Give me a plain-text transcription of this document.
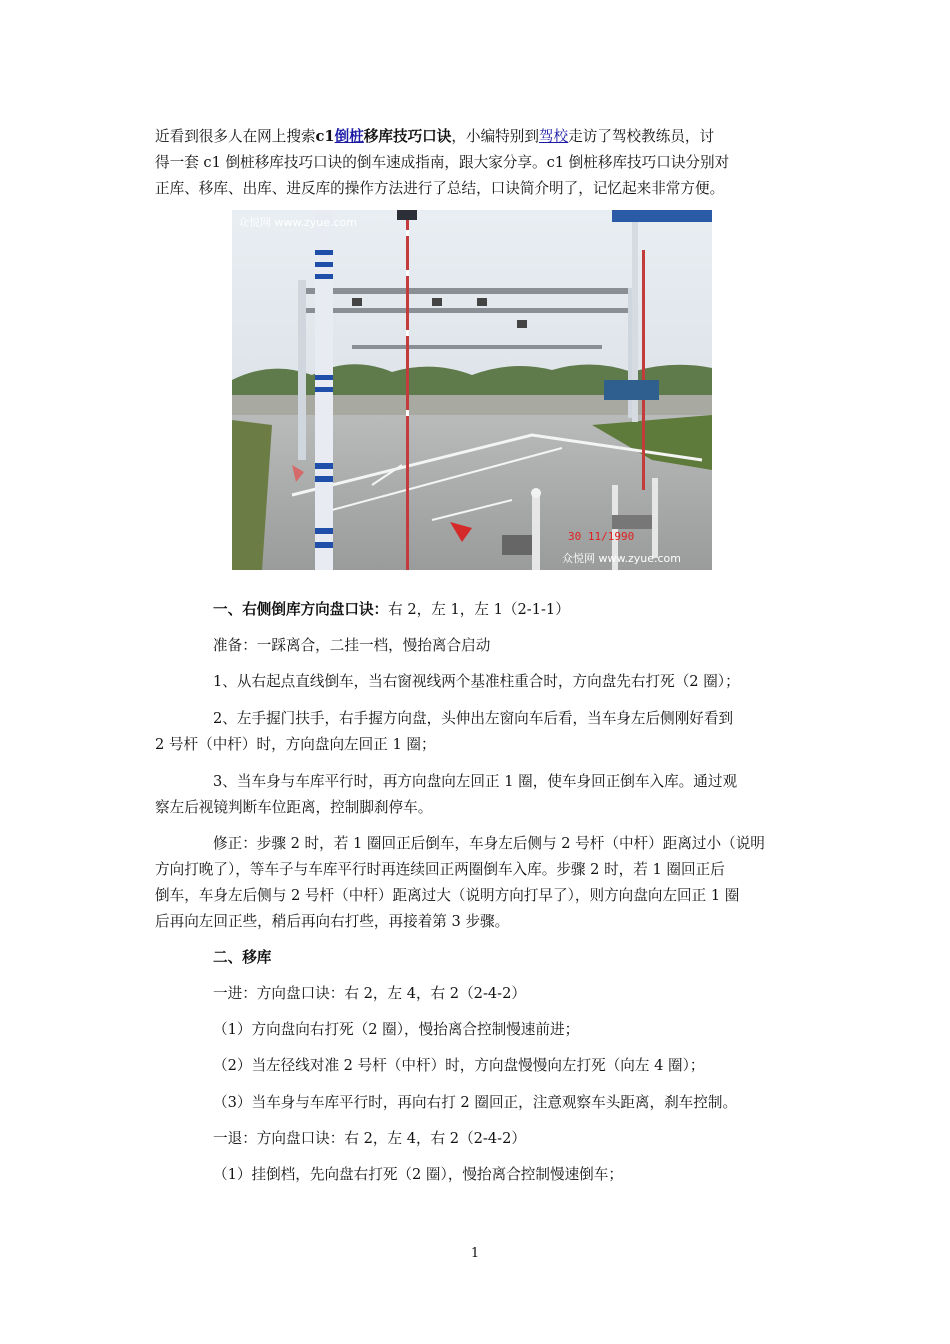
近看到很多人在网上搜索c1倒桩移库技巧口诀，小编特别到驾校走访了驾校教练员，讨
得一套 c1 倒桩移库技巧口诀的倒车速成指南，跟大家分享。c1 倒桩移库技巧口诀分别对
正库、移库、出库、进反库的操作方法进行了总结，口诀简介明了，记忆起来非常方便。
众悦网 www.zyue.com
众悦网 www.zyue.com
30 11/1990
一、右侧倒库方向盘口诀：右 2，左 1，左 1（2-1-1）
准备：一踩离合，二挂一档，慢抬离合启动
1、从右起点直线倒车，当右窗视线两个基准柱重合时，方向盘先右打死（2 圈）；
2、左手握门扶手，右手握方向盘，头伸出左窗向车后看，当车身左后侧刚好看到
2 号杆（中杆）时，方向盘向左回正 1 圈；
3、当车身与车库平行时，再方向盘向左回正 1 圈，使车身回正倒车入库。通过观
察左后视镜判断车位距离，控制脚刹停车。
修正：步骤 2 时，若 1 圈回正后倒车，车身左后侧与 2 号杆（中杆）距离过小（说明
方向打晚了），等车子与车库平行时再连续回正两圈倒车入库。步骤 2 时，若 1 圈回正后
倒车，车身左后侧与 2 号杆（中杆）距离过大（说明方向打早了），则方向盘向左回正 1 圈
后再向左回正些，稍后再向右打些，再接着第 3 步骤。
二、移库
一进：方向盘口诀：右 2，左 4，右 2（2-4-2）
（1）方向盘向右打死（2 圈），慢抬离合控制慢速前进；
（2）当左径线对准 2 号杆（中杆）时，方向盘慢慢向左打死（向左 4 圈）；
（3）当车身与车库平行时，再向右打 2 圈回正，注意观察车头距离，刹车控制。
一退：方向盘口诀：右 2，左 4，右 2（2-4-2）
（1）挂倒档，先向盘右打死（2 圈），慢抬离合控制慢速倒车；
1
